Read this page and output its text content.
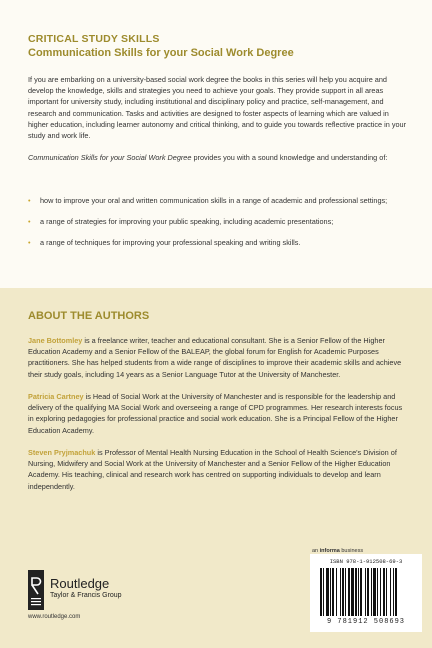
CRITICAL STUDY SKILLS
Communication Skills for your Social Work Degree
If you are embarking on a university-based social work degree the books in this series will help you acquire and develop the knowledge, skills and strategies you need to achieve your goals. They provide support in all areas important for university study, including institutional and disciplinary policy and practice, self-management, and research and communication. Tasks and activities are designed to foster aspects of learning which are valued in higher education, including learner autonomy and critical thinking, and to guide you towards reflective practice in your study and work life.
Communication Skills for your Social Work Degree provides you with a sound knowledge and understanding of:
• how to improve your oral and written communication skills in a range of academic and professional settings;
• a range of strategies for improving your public speaking, including academic presentations;
• a range of techniques for improving your professional speaking and writing skills.
ABOUT THE AUTHORS
Jane Bottomley is a freelance writer, teacher and educational consultant. She is a Senior Fellow of the Higher Education Academy and a Senior Fellow of the BALEAP, the global forum for English for Academic Purposes practitioners. She has helped students from a wide range of disciplines to improve their academic skills and achieve their study goals, including 14 years as a Senior Language Tutor at the University of Manchester.
Patricia Cartney is Head of Social Work at the University of Manchester and is responsible for the leadership and delivery of the qualifying MA Social Work and overseeing a range of CPD programmes. Her research interests focus in exploring pedagogies for professional practice and social work education. She is a Principal Fellow of the Higher Education Academy.
Steven Pryjmachuk is Professor of Mental Health Nursing Education in the School of Health Science's Division of Nursing, Midwifery and Social Work at the University of Manchester and a Senior Fellow of the Higher Education Academy. His teaching, clinical and research work has centred on supporting individuals to develop and learn independently.
an informa business
Routledge
Taylor & Francis Group
www.routledge.com
ISBN 978-1-912508-69-3
9 781912 508693
